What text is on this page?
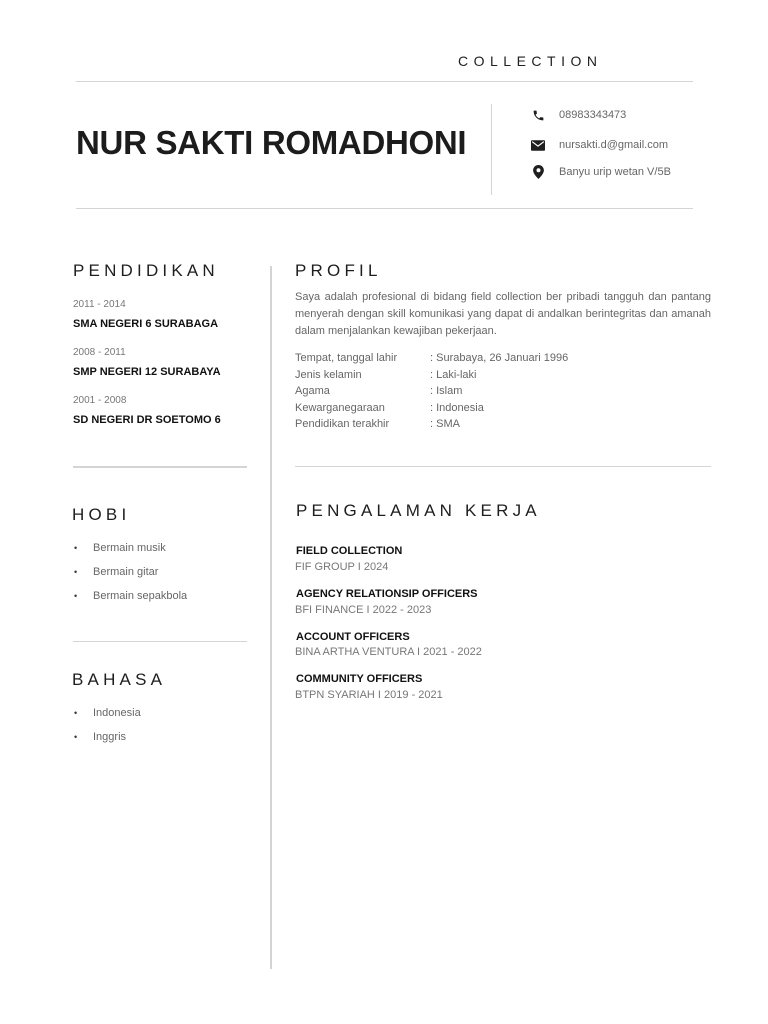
COLLECTION
NUR SAKTI ROMADHONI
08983343473
nursakti.d@gmail.com
Banyu urip wetan V/5B
PENDIDIKAN
2011 - 2014
SMA NEGERI 6 SURABAGA
2008 - 2011
SMP NEGERI 12 SURABAYA
2001 - 2008
SD NEGERI DR SOETOMO 6
HOBI
•	Bermain musik
•	Bermain gitar
•	Bermain sepakbola
BAHASA
•	Indonesia
•	Inggris
PROFIL

Saya adalah profesional di bidang field collection ber pribadi tangguh dan pantang menyerah dengan skill komunikasi yang dapat di andalkan berintegritas dan amanah dalam menjalankan kewajiban pekerjaan.

Tempat, tanggal lahir	: Surabaya, 26 Januari 1996
Jenis kelamin	: Laki-laki
Agama	: Islam
Kewarganegaraan	: Indonesia
Pendidikan terakhir	: SMA
PENGALAMAN KERJA
FIELD COLLECTION
FIF GROUP I 2024
AGENCY RELATIONSIP OFFICERS
BFI FINANCE I 2022 - 2023
ACCOUNT OFFICERS
BINA ARTHA VENTURA I 2021 - 2022
COMMUNITY OFFICERS
BTPN SYARIAH I 2019 - 2021
